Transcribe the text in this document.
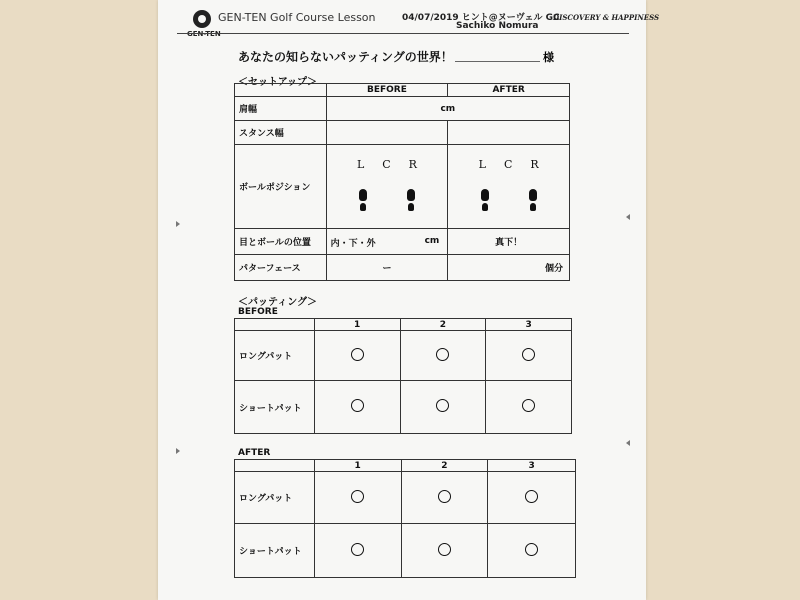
GEN-TEN
GEN-TEN Golf Course Lesson	04/07/2019 ヒント@ヌーヴェル GC
Sachiko Nomura
DISCOVERY & HAPPINESS
あなたの知らないパッティングの世界！	様
＜セットアップ＞
	BEFORE	AFTER
肩幅	cm	
スタンス幅		
ボールポジション	L C R	L C R

目とボールの位置	内・下・外 cm	真下！
パターフェース	ー	個分
＜パッティング＞
BEFORE
	1	2	3
ロングパット			
ショートパット			
AFTER
	1	2	3
ロングパット			
ショートパット			
